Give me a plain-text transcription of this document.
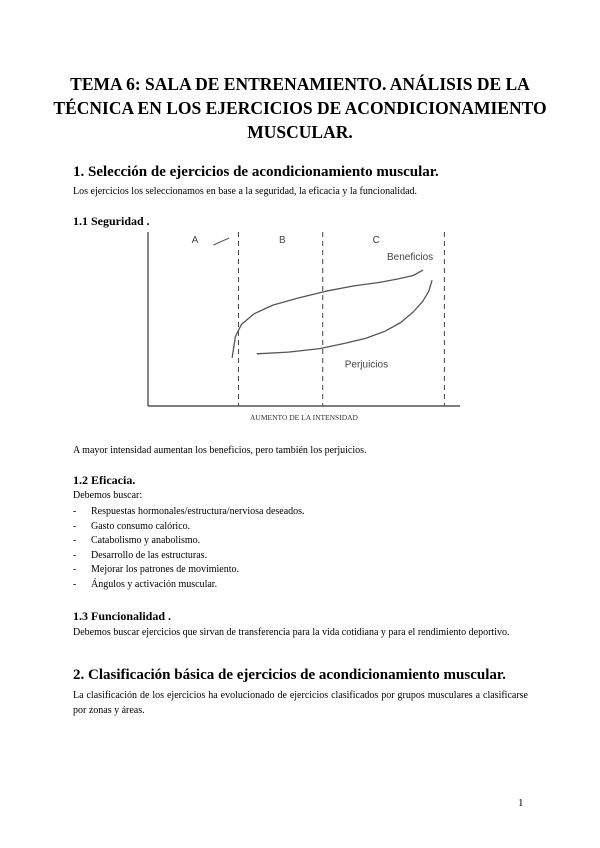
TEMA 6: SALA DE ENTRENAMIENTO. ANÁLISIS DE LA TÉCNICA EN LOS EJERCICIOS DE ACONDICIONAMIENTO MUSCULAR.
1. Selección de ejercicios de acondicionamiento muscular.
Los ejercicios los seleccionamos en base a la seguridad, la eficacia y la funcionalidad.
1.1 Seguridad .
A	B	C
Beneficios
Perjuicios
AUMENTO DE LA INTENSIDAD
A mayor intensidad aumentan los beneficios, pero también los perjuicios.
1.2 Eficacia.
Debemos buscar:
- Respuestas hormonales/estructura/nerviosa deseados.
- Gasto consumo calórico.
- Catabolismo y anabolismo.
- Desarrollo de las estructuras.
- Mejorar los patrones de movimiento.
- Ángulos y activación muscular.
1.3 Funcionalidad .
Debemos buscar ejercicios que sirvan de transferencia para la vida cotidiana y para el rendimiento deportivo.
2. Clasificación básica de ejercicios de acondicionamiento muscular.
La clasificación de los ejercicios ha evolucionado de ejercicios clasificados por grupos musculares a clasificarse por zonas y áreas.
1
